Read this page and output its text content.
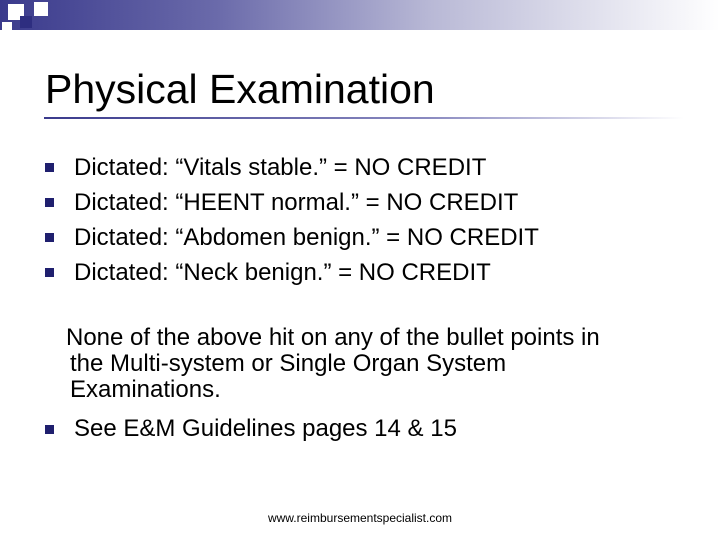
Physical Examination
Dictated: “Vitals stable.” = NO CREDIT
Dictated: “HEENT normal.” = NO CREDIT
Dictated: “Abdomen benign.” = NO CREDIT
Dictated: “Neck benign.” = NO CREDIT

None of the above hit on any of the bullet points in
the Multi-system or Single Organ System
Examinations.

See E&M Guidelines pages 14 & 15
www.reimbursementspecialist.com
